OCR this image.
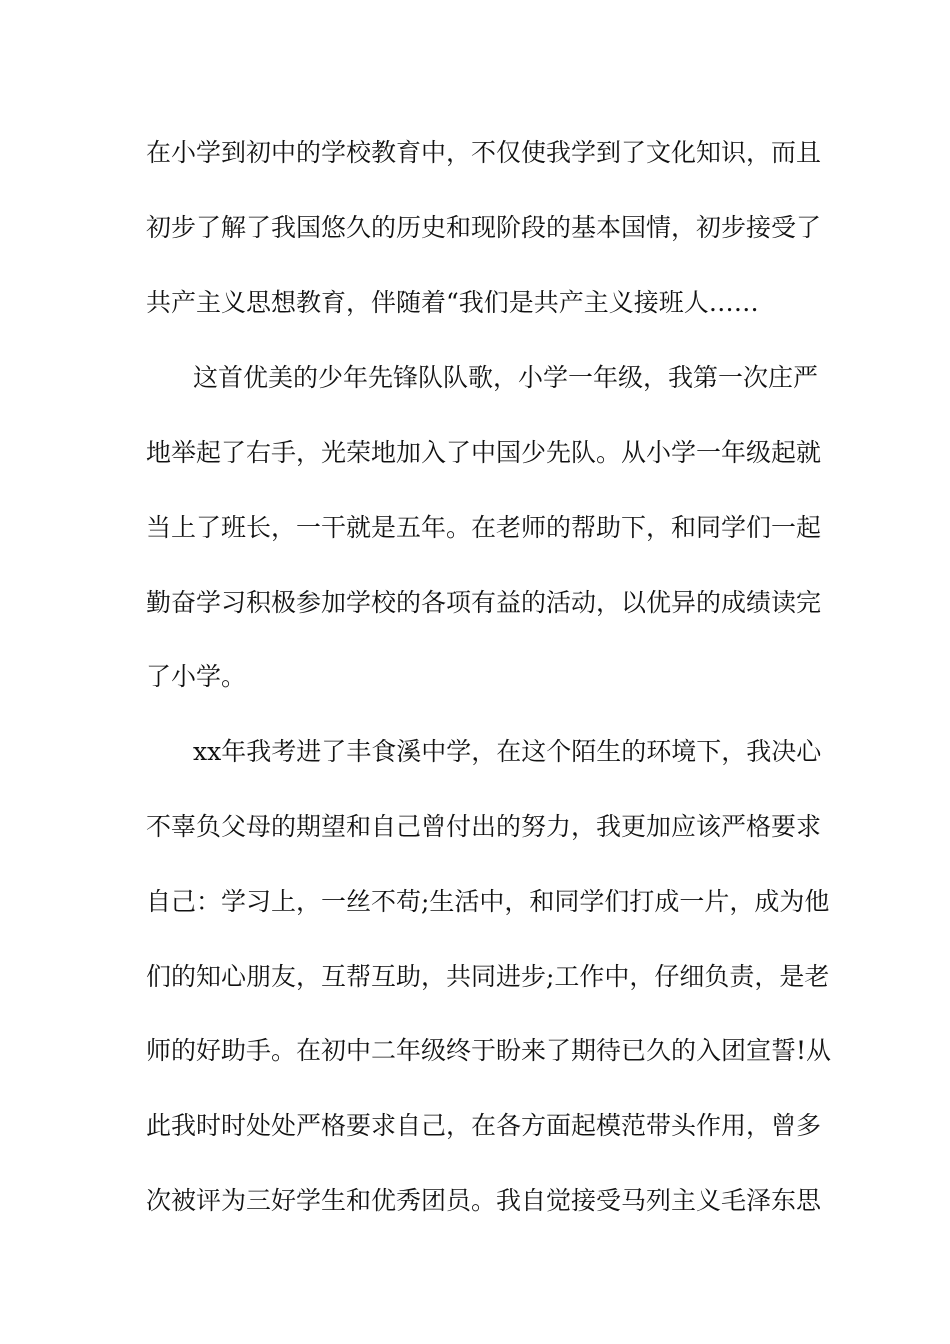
在小学到初中的学校教育中，不仅使我学到了文化知识，而且
初步了解了我国悠久的历史和现阶段的基本国情，初步接受了
共产主义思想教育，伴随着“我们是共产主义接班人……
这首优美的少年先锋队队歌，小学一年级，我第一次庄严
地举起了右手，光荣地加入了中国少先队。从小学一年级起就
当上了班长，一干就是五年。在老师的帮助下，和同学们一起
勤奋学习积极参加学校的各项有益的活动，以优异的成绩读完
了小学。
xx年我考进了丰食溪中学，在这个陌生的环境下，我决心
不辜负父母的期望和自己曾付出的努力，我更加应该严格要求
自己：学习上，一丝不苟;生活中，和同学们打成一片，成为他
们的知心朋友，互帮互助，共同进步;工作中，仔细负责，是老
师的好助手。在初中二年级终于盼来了期待已久的入团宣誓!从
此我时时处处严格要求自己，在各方面起模范带头作用，曾多
次被评为三好学生和优秀团员。我自觉接受马列主义毛泽东思
